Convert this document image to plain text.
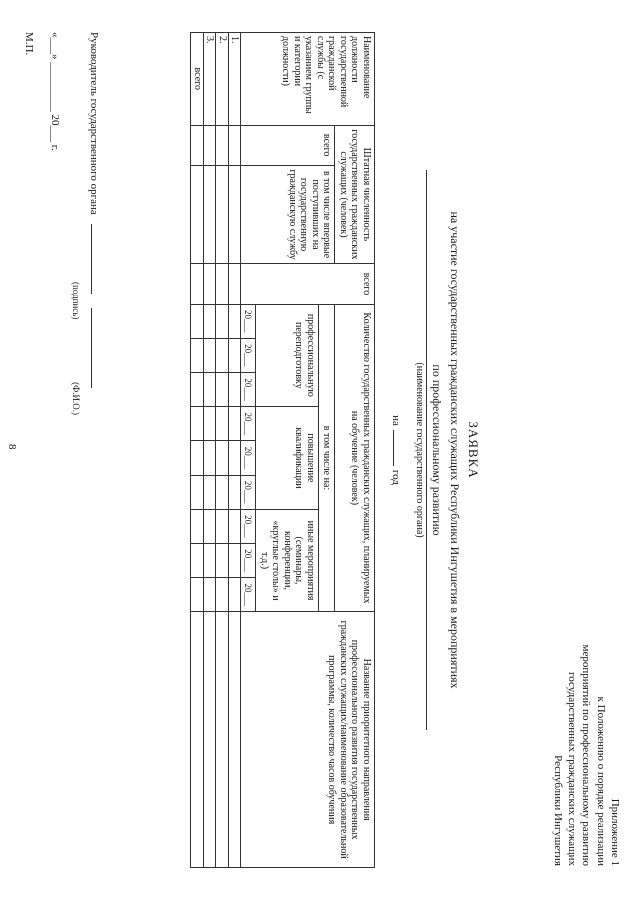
8
Приложение 1
к Положению о порядке реализации
мероприятий по профессиональному развитию
государственных гражданских служащих
Республики Ингушетия
ЗАЯВКА
на участие государственных гражданских служащих Республики Ингушетия в мероприятиях
по профессиональному развитию
(наименование государственного органа)
нагод
Наименование должности государственной гражданской службы (с указанием группы и категории должности)	Штатная численность государственных гражданских служащих (человек)		всего	Количество государственных гражданских служащих, планируемых на обучение (человек)									Название приоритетного направления профессионального развития государственных гражданских служащих/наименование образовательной программы, количество часов обучения
	всего	в том числе впервые поступивших на государственную гражданскую службу		в том числе на:									
				профессиональную переподготовку			повышение квалификации			иные мероприятия (семинары, конференции, «круглые столы» и т.д.)			
				20___	20___	20___	20___	20___	20___	20___	20___	20___	
1.													
2.													
3.													
всего													
Руководитель государственного органа
(подпись) (Ф.И.О.)
«___» _________ 20___ г.
М.П.
